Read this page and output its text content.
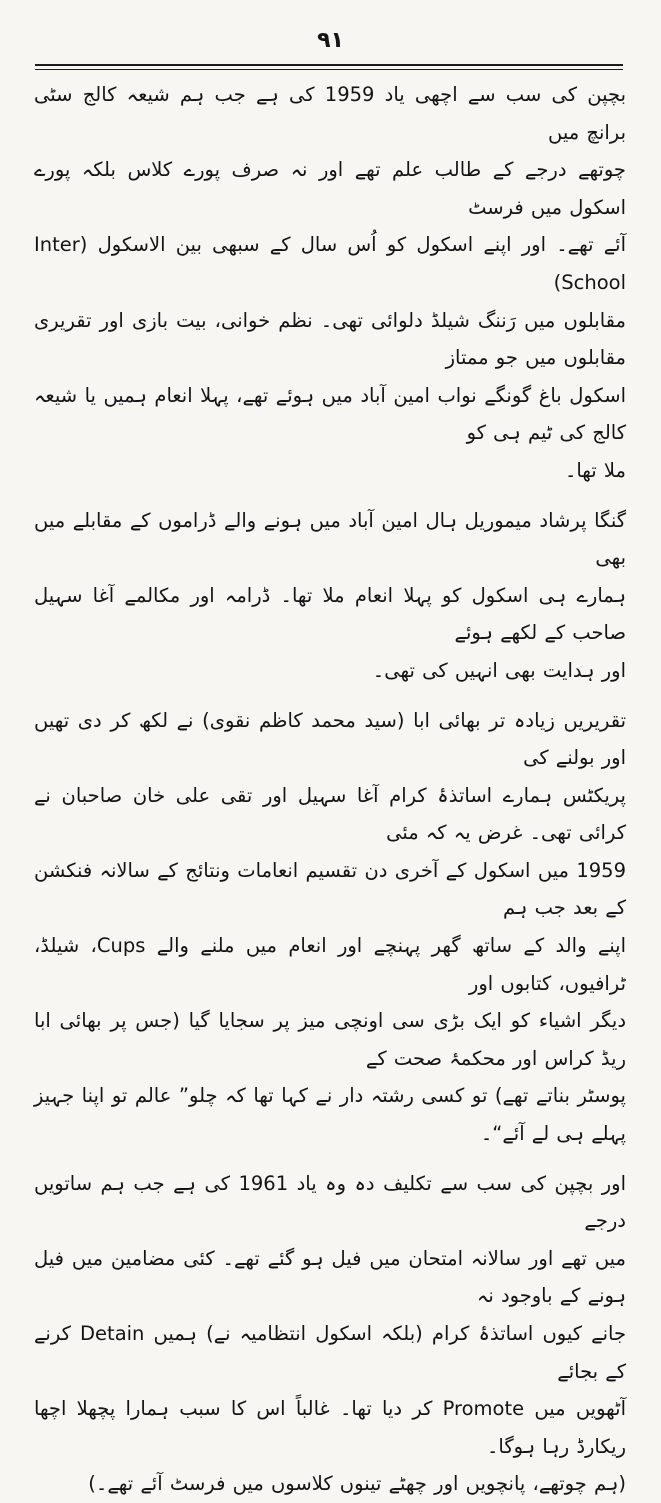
۹۱

بچپن کی سب سے اچھی یاد 1959 کی ہے جب ہم شیعہ کالج سٹی برانچ میں
چوتھے درجے کے طالب علم تھے اور نہ صرف پورے کلاس بلکہ پورے اسکول میں فرسٹ
آئے تھے۔ اور اپنے اسکول کو اُس سال کے سبھی بین الاسکول (Inter School)
مقابلوں میں رَننگ شیلڈ دلوائی تھی۔ نظم خوانی، بیت بازی اور تقریری مقابلوں میں جو ممتاز
اسکول باغ گونگے نواب امین آباد میں ہوئے تھے، پہلا انعام ہمیں یا شیعہ کالج کی ٹیم ہی کو
ملا تھا۔

گنگا پرشاد میموریل ہال امین آباد میں ہونے والے ڈراموں کے مقابلے میں بھی
ہمارے ہی اسکول کو پہلا انعام ملا تھا۔ ڈرامہ اور مکالمے آغا سہیل صاحب کے لکھے ہوئے
اور ہدایت بھی انہیں کی تھی۔

تقریریں زیادہ تر بھائی ابا (سید محمد کاظم نقوی) نے لکھ کر دی تھیں اور بولنے کی
پریکٹس ہمارے اساتذۂ کرام آغا سہیل اور تقی علی خان صاحبان نے کرائی تھی۔ غرض یہ کہ مئی
1959 میں اسکول کے آخری دن تقسیم انعامات ونتائج کے سالانہ فنکشن کے بعد جب ہم
اپنے والد کے ساتھ گھر پہنچے اور انعام میں ملنے والے Cups، شیلڈ، ٹرافیوں، کتابوں اور
دیگر اشیاء کو ایک بڑی سی اونچی میز پر سجایا گیا (جس پر بھائی ابا ریڈ کراس اور محکمۂ صحت کے
پوسٹر بناتے تھے) تو کسی رشتہ دار نے کہا تھا کہ چلو” عالم تو اپنا جہیز پہلے ہی لے آئے“۔

اور بچپن کی سب سے تکلیف دہ وہ یاد 1961 کی ہے جب ہم ساتویں درجے
میں تھے اور سالانہ امتحان میں فیل ہو گئے تھے۔ کئی مضامین میں فیل ہونے کے باوجود نہ
جانے کیوں اساتذۂ کرام (بلکہ اسکول انتظامیہ نے) ہمیں Detain کرنے کے بجائے
آٹھویں میں Promote کر دیا تھا۔ غالباً اس کا سبب ہمارا پچھلا اچھا ریکارڈ رہا ہوگا۔
(ہم چوتھے، پانچویں اور چھٹے تینوں کلاسوں میں فرسٹ آئے تھے۔)
